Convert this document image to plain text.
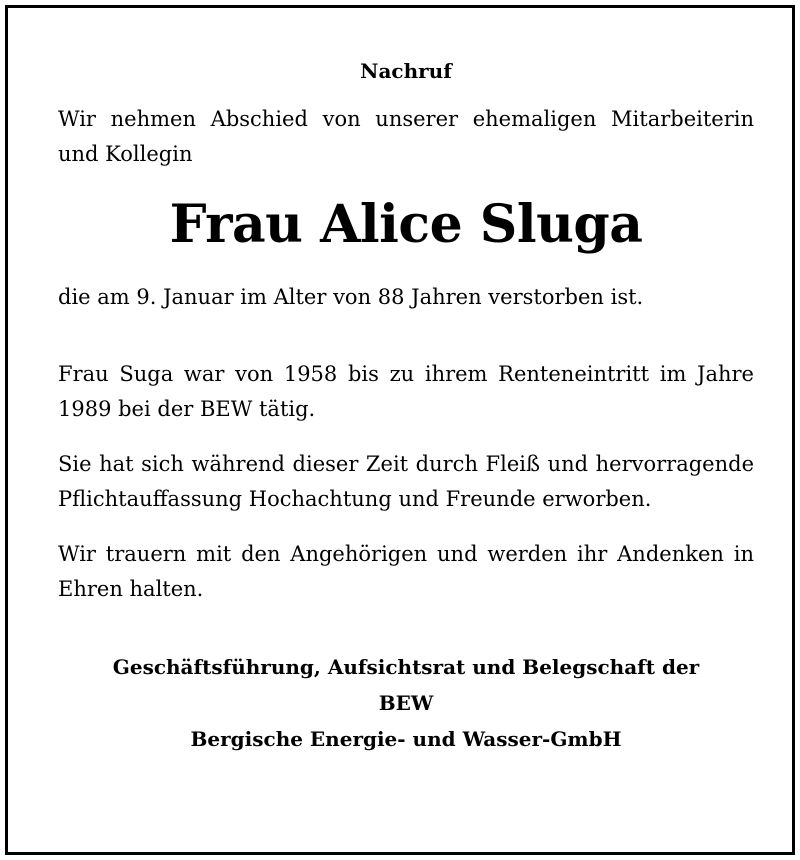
Nachruf

Wir nehmen Abschied von unserer ehemaligen Mitarbeiterin

und Kollegin

Frau Alice Sluga

die am 9. Januar im Alter von 88 Jahren verstorben ist.

Frau Suga war von 1958 bis zu ihrem Renteneintritt im Jahre

1989 bei der BEW tätig.

Sie hat sich während dieser Zeit durch Fleiß und hervorragende

Pflichtauffassung Hochachtung und Freunde erworben.

Wir trauern mit den Angehörigen und werden ihr Andenken in

Ehren halten.

Geschäftsführung, Aufsichtsrat und Belegschaft der

BEW

Bergische Energie- und Wasser-GmbH
